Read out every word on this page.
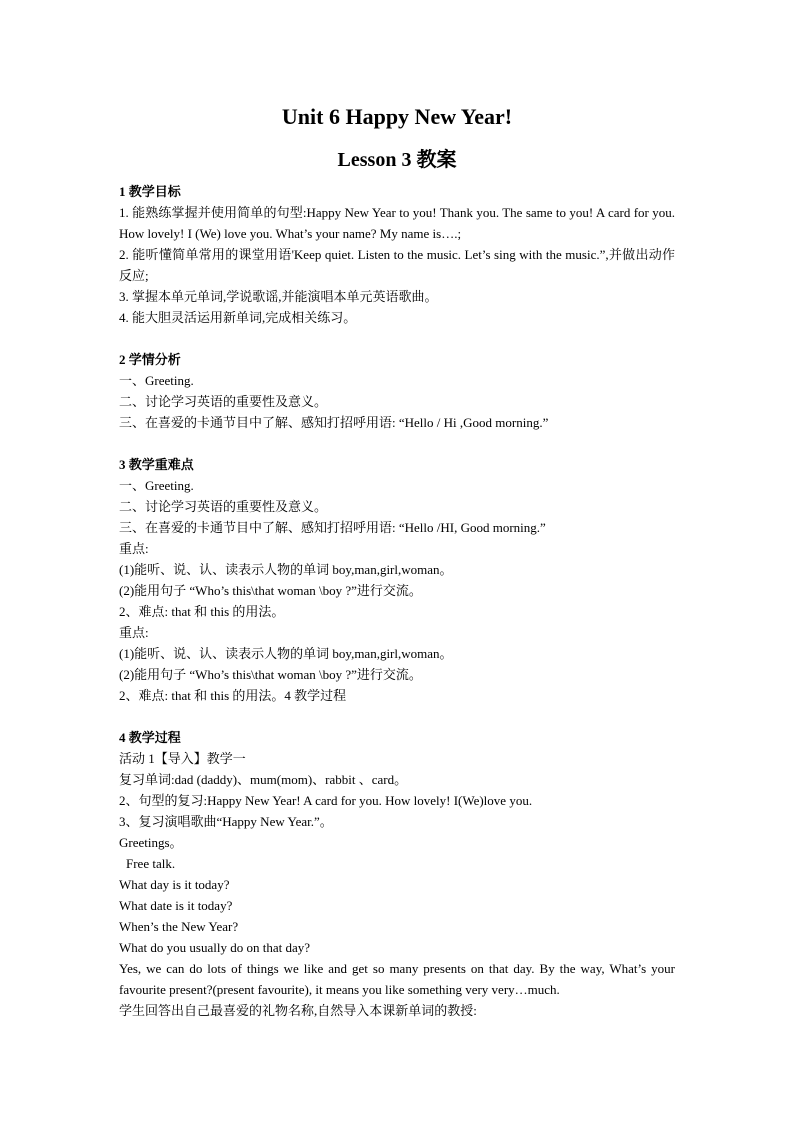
Unit 6 Happy New Year!
Lesson 3 教案
1 教学目标
1. 能熟练掌握并使用简单的句型:Happy New Year to you! Thank you. The same to you! A card for you. How lovely! I (We) love you. What’s your name? My name is….;
2. 能听懂简单常用的课堂用语'Keep quiet. Listen to the music. Let’s sing with the music.”,并做出动作反应;
3. 掌握本单元单词,学说歌谣,并能演唱本单元英语歌曲。
4. 能大胆灵活运用新单词,完成相关练习。
2 学情分析
一、Greeting.
二、讨论学习英语的重要性及意义。
三、在喜爱的卡通节目中了解、感知打招呼用语: “Hello / Hi ,Good morning.”
3 教学重难点
一、Greeting.
二、讨论学习英语的重要性及意义。
三、在喜爱的卡通节目中了解、感知打招呼用语: “Hello /HI, Good morning.”
重点:
(1)能听、说、认、读表示人物的单词 boy,man,girl,woman。
(2)能用句子 “Who’s this\that woman \boy ?”进行交流。
2、难点: that 和 this 的用法。
重点:
(1)能听、说、认、读表示人物的单词 boy,man,girl,woman。
(2)能用句子 “Who’s this\that woman \boy ?”进行交流。
2、难点: that 和 this 的用法。4 教学过程
4 教学过程
活动 1【导入】教学一
复习单词:dad (daddy)、mum(mom)、rabbit 、card。
2、句型的复习:Happy New Year! A card for you. How lovely! I(We)love you.
3、复习演唱歌曲“Happy New Year.”。
Greetings。
Free talk.
What day is it today?
What date is it today?
When’s the New Year?
What do you usually do on that day?
Yes, we can do lots of things we like and get so many presents on that day. By the way, What’s your favourite present?(present favourite), it means you like something very very…much.
学生回答出自己最喜爱的礼物名称,自然导入本课新单词的教授:
